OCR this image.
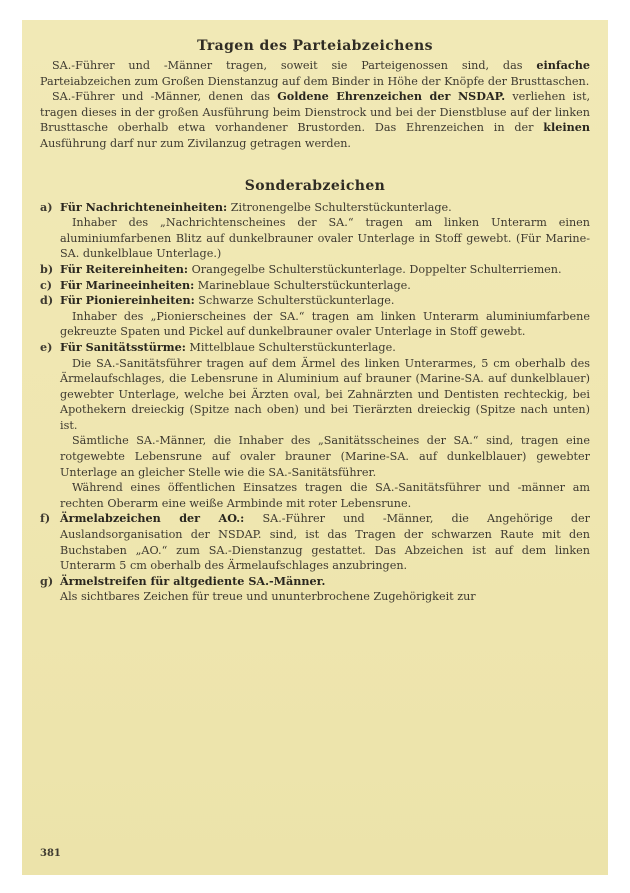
Tragen des Parteiabzeichens

SA.-Führer und -Männer tragen, soweit sie Parteigenossen sind, das einfache Parteiabzeichen zum Großen Dienstanzug auf dem Binder in Höhe der Knöpfe der Brusttaschen.

SA.-Führer und -Männer, denen das Goldene Ehrenzeichen der NSDAP. verliehen ist, tragen dieses in der großen Ausführung beim Dienstrock und bei der Dienstbluse auf der linken Brusttasche oberhalb etwa vorhandener Brustorden. Das Ehrenzeichen in der kleinen Ausführung darf nur zum Zivilanzug getragen werden.

Sonderabzeichen
a) Für Nachrichteneinheiten: Zitronengelbe Schulterstückunterlage.

Inhaber des „Nachrichtenscheines der SA.“ tragen am linken Unterarm einen aluminiumfarbenen Blitz auf dunkelbrauner ovaler Unterlage in Stoff gewebt. (Für Marine-SA. dunkelblaue Unterlage.)

b) Für Reitereinheiten: Orangegelbe Schulterstückunterlage. Doppelter Schulterriemen.

c) Für Marineeinheiten: Marineblaue Schulterstückunterlage.

d) Für Pioniereinheiten: Schwarze Schulterstückunterlage.

Inhaber des „Pionierscheines der SA.“ tragen am linken Unterarm aluminiumfarbene gekreuzte Spaten und Pickel auf dunkelbrauner ovaler Unterlage in Stoff gewebt.

e) Für Sanitätsstürme: Mittelblaue Schulterstückunterlage.

Die SA.-Sanitätsführer tragen auf dem Ärmel des linken Unterarmes, 5 cm oberhalb des Ärmelaufschlages, die Lebensrune in Aluminium auf brauner (Marine-SA. auf dunkelblauer) gewebter Unterlage, welche bei Ärzten oval, bei Zahnärzten und Dentisten rechteckig, bei Apothekern dreieckig (Spitze nach oben) und bei Tierärzten dreieckig (Spitze nach unten) ist.

Sämtliche SA.-Männer, die Inhaber des „Sanitätsscheines der SA.“ sind, tragen eine rotgewebte Lebensrune auf ovaler brauner (Marine-SA. auf dunkelblauer) gewebter Unterlage an gleicher Stelle wie die SA.-Sanitätsführer.

Während eines öffentlichen Einsatzes tragen die SA.-Sanitätsführer und -männer am rechten Oberarm eine weiße Armbinde mit roter Lebensrune.

f) Ärmelabzeichen der AO.: SA.-Führer und -Männer, die Angehörige der Auslandsorganisation der NSDAP. sind, ist das Tragen der schwarzen Raute mit den Buchstaben „AO.“ zum SA.-Dienstanzug gestattet. Das Abzeichen ist auf dem linken Unterarm 5 cm oberhalb des Ärmelaufschlages anzubringen.

g) Ärmelstreifen für altgediente SA.-Männer.

Als sichtbares Zeichen für treue und ununterbrochene Zugehörigkeit zur

381
